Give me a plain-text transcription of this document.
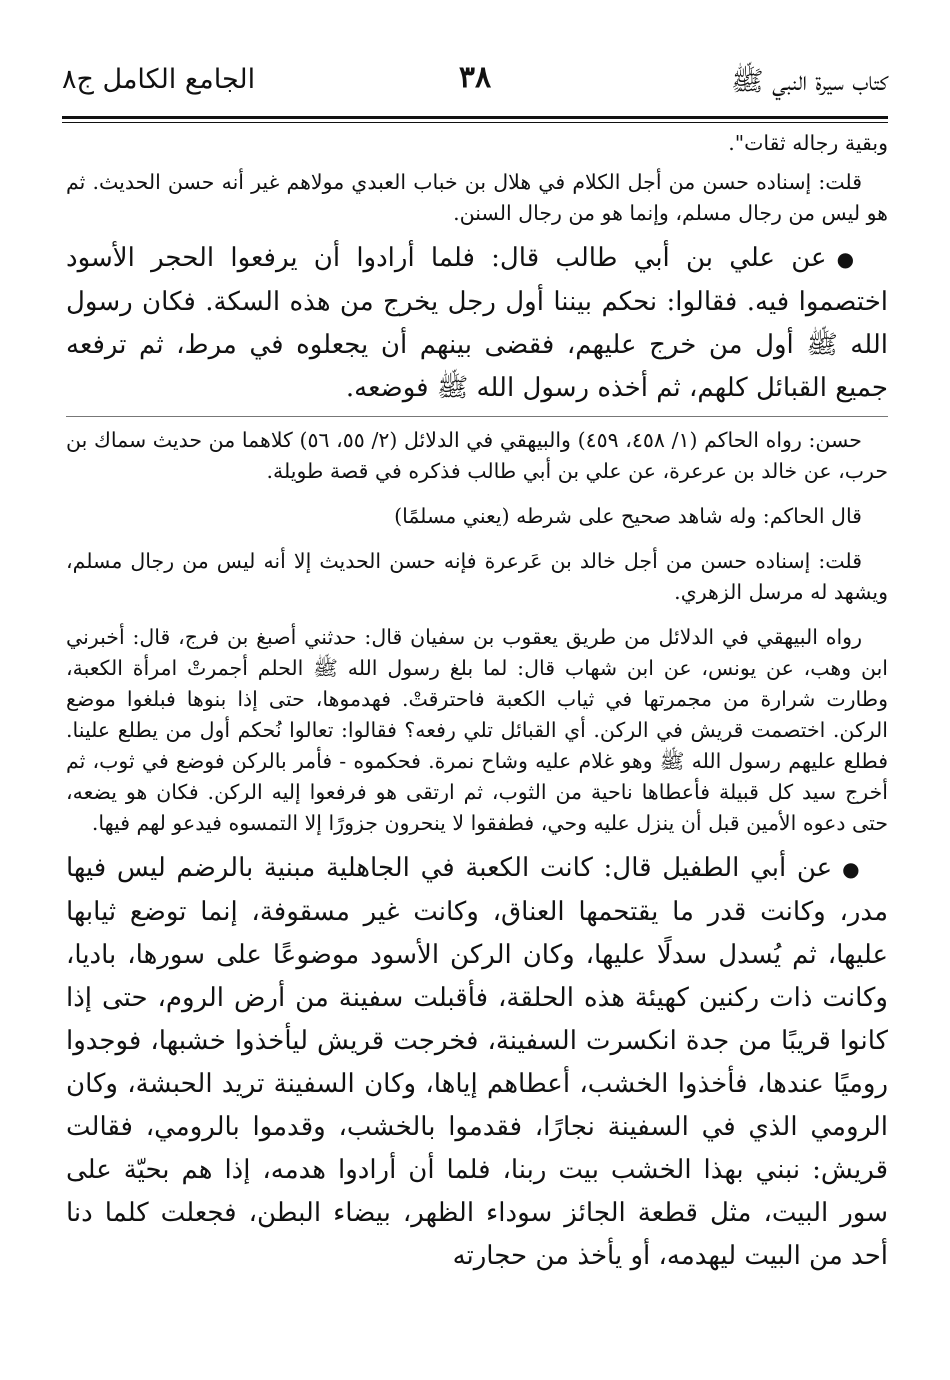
كتاب سيرة النبي ﷺ
٣٨
الجامع الكامل ج٨

وبقية رجاله ثقات".

قلت: إسناده حسن من أجل الكلام في هلال بن خباب العبدي مولاهم غير أنه حسن الحديث. ثم هو ليس من رجال مسلم، وإنما هو من رجال السنن.

●عن علي بن أبي طالب قال: فلما أرادوا أن يرفعوا الحجر الأسود اختصموا فيه. فقالوا: نحكم بيننا أول رجل يخرج من هذه السكة. فكان رسول الله ﷺ أول من خرج عليهم، فقضى بينهم أن يجعلوه في مرط، ثم ترفعه جميع القبائل كلهم، ثم أخذه رسول الله ﷺ فوضعه.

حسن: رواه الحاكم (١/ ٤٥٨، ٤٥٩) والبيهقي في الدلائل (٢/ ٥٥، ٥٦) كلاهما من حديث سماك بن حرب، عن خالد بن عرعرة، عن علي بن أبي طالب فذكره في قصة طويلة.

قال الحاكم: وله شاهد صحيح على شرطه (يعني مسلمًا)

قلت: إسناده حسن من أجل خالد بن عَرعرة فإنه حسن الحديث إلا أنه ليس من رجال مسلم، ويشهد له مرسل الزهري.

رواه البيهقي في الدلائل من طريق يعقوب بن سفيان قال: حدثني أصبغ بن فرج، قال: أخبرني ابن وهب، عن يونس، عن ابن شهاب قال: لما بلغ رسول الله ﷺ الحلم أجمرتْ امرأة الكعبة، وطارت شرارة من مجمرتها في ثياب الكعبة فاحترقتْ. فهدموها، حتى إذا بنوها فبلغوا موضع الركن. اختصمت قريش في الركن. أي القبائل تلي رفعه؟ فقالوا: تعالوا نُحكم أول من يطلع علينا. فطلع عليهم رسول الله ﷺ وهو غلام عليه وشاح نمرة. فحكموه - فأمر بالركن فوضع في ثوب، ثم أخرج سيد كل قبيلة فأعطاها ناحية من الثوب، ثم ارتقى هو فرفعوا إليه الركن. فكان هو يضعه، حتى دعوه الأمين قبل أن ينزل عليه وحي، فطفقوا لا ينحرون جزورًا إلا التمسوه فيدعو لهم فيها.

●عن أبي الطفيل قال: كانت الكعبة في الجاهلية مبنية بالرضم ليس فيها مدر، وكانت قدر ما يقتحمها العناق، وكانت غير مسقوفة، إنما توضع ثيابها عليها، ثم يُسدل سدلًا عليها، وكان الركن الأسود موضوعًا على سورها، باديا، وكانت ذات ركنين كهيئة هذه الحلقة، فأقبلت سفينة من أرض الروم، حتى إذا كانوا قريبًا من جدة انكسرت السفينة، فخرجت قريش ليأخذوا خشبها، فوجدوا روميًا عندها، فأخذوا الخشب، أعطاهم إياها، وكان السفينة تريد الحبشة، وكان الرومي الذي في السفينة نجارًا، فقدموا بالخشب، وقدموا بالرومي، فقالت قريش: نبني بهذا الخشب بيت ربنا، فلما أن أرادوا هدمه، إذا هم بحيّة على سور البيت، مثل قطعة الجائز سوداء الظهر، بيضاء البطن، فجعلت كلما دنا أحد من البيت ليهدمه، أو يأخذ من حجارته
